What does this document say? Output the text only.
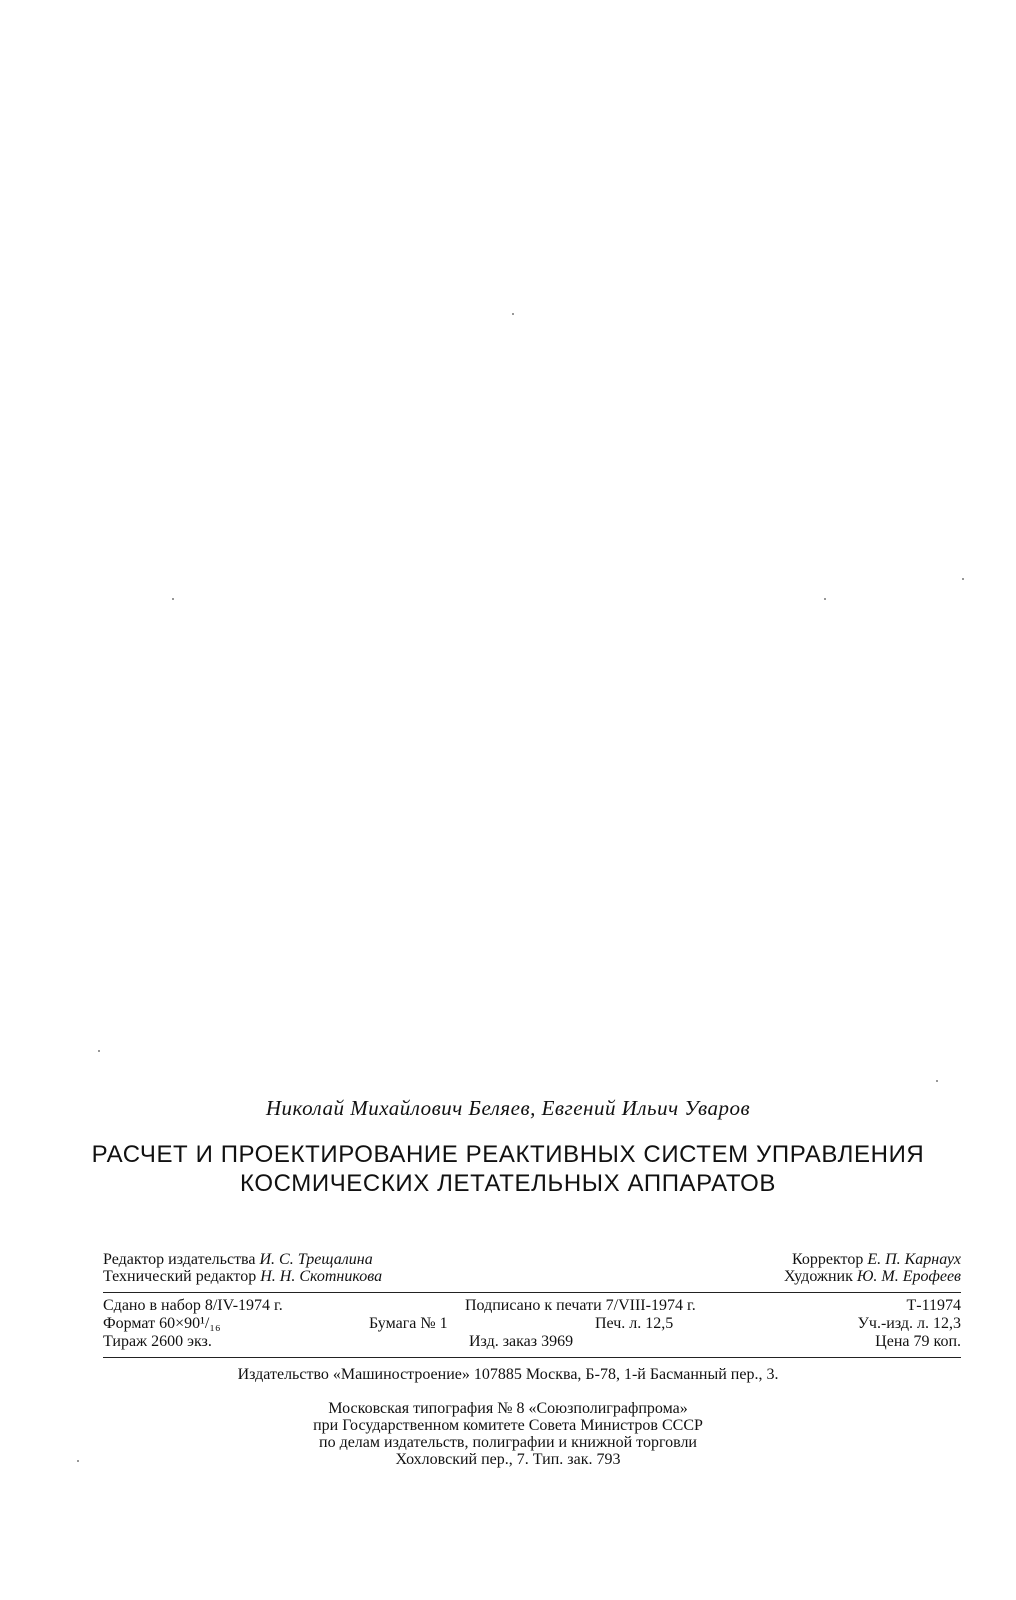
Николай Михайлович Беляев, Евгений Ильич Уваров
РАСЧЕТ И ПРОЕКТИРОВАНИЕ РЕАКТИВНЫХ СИСТЕМ УПРАВЛЕНИЯ
КОСМИЧЕСКИХ ЛЕТАТЕЛЬНЫХ АППАРАТОВ
Редактор издательства И. С. Трещалина	Корректор Е. П. Карнаух
Технический редактор Н. Н. Скотникова	Художник Ю. М. Ерофеев
Сдано в набор 8/IV-1974 г.	Подписано к печати 7/VIII-1974 г.	Т-11974
Формат 60×90¹/₁₆	Бумага № 1	Печ. л. 12,5	Уч.-изд. л. 12,3
Тираж 2600 экз.	Изд. заказ 3969	Цена 79 коп.
Издательство «Машиностроение» 107885 Москва, Б-78, 1-й Басманный пер., 3.
Московская типография № 8 «Союзполиграфпрома»
при Государственном комитете Совета Министров СССР
по делам издательств, полиграфии и книжной торговли
Хохловский пер., 7. Тип. зак. 793
